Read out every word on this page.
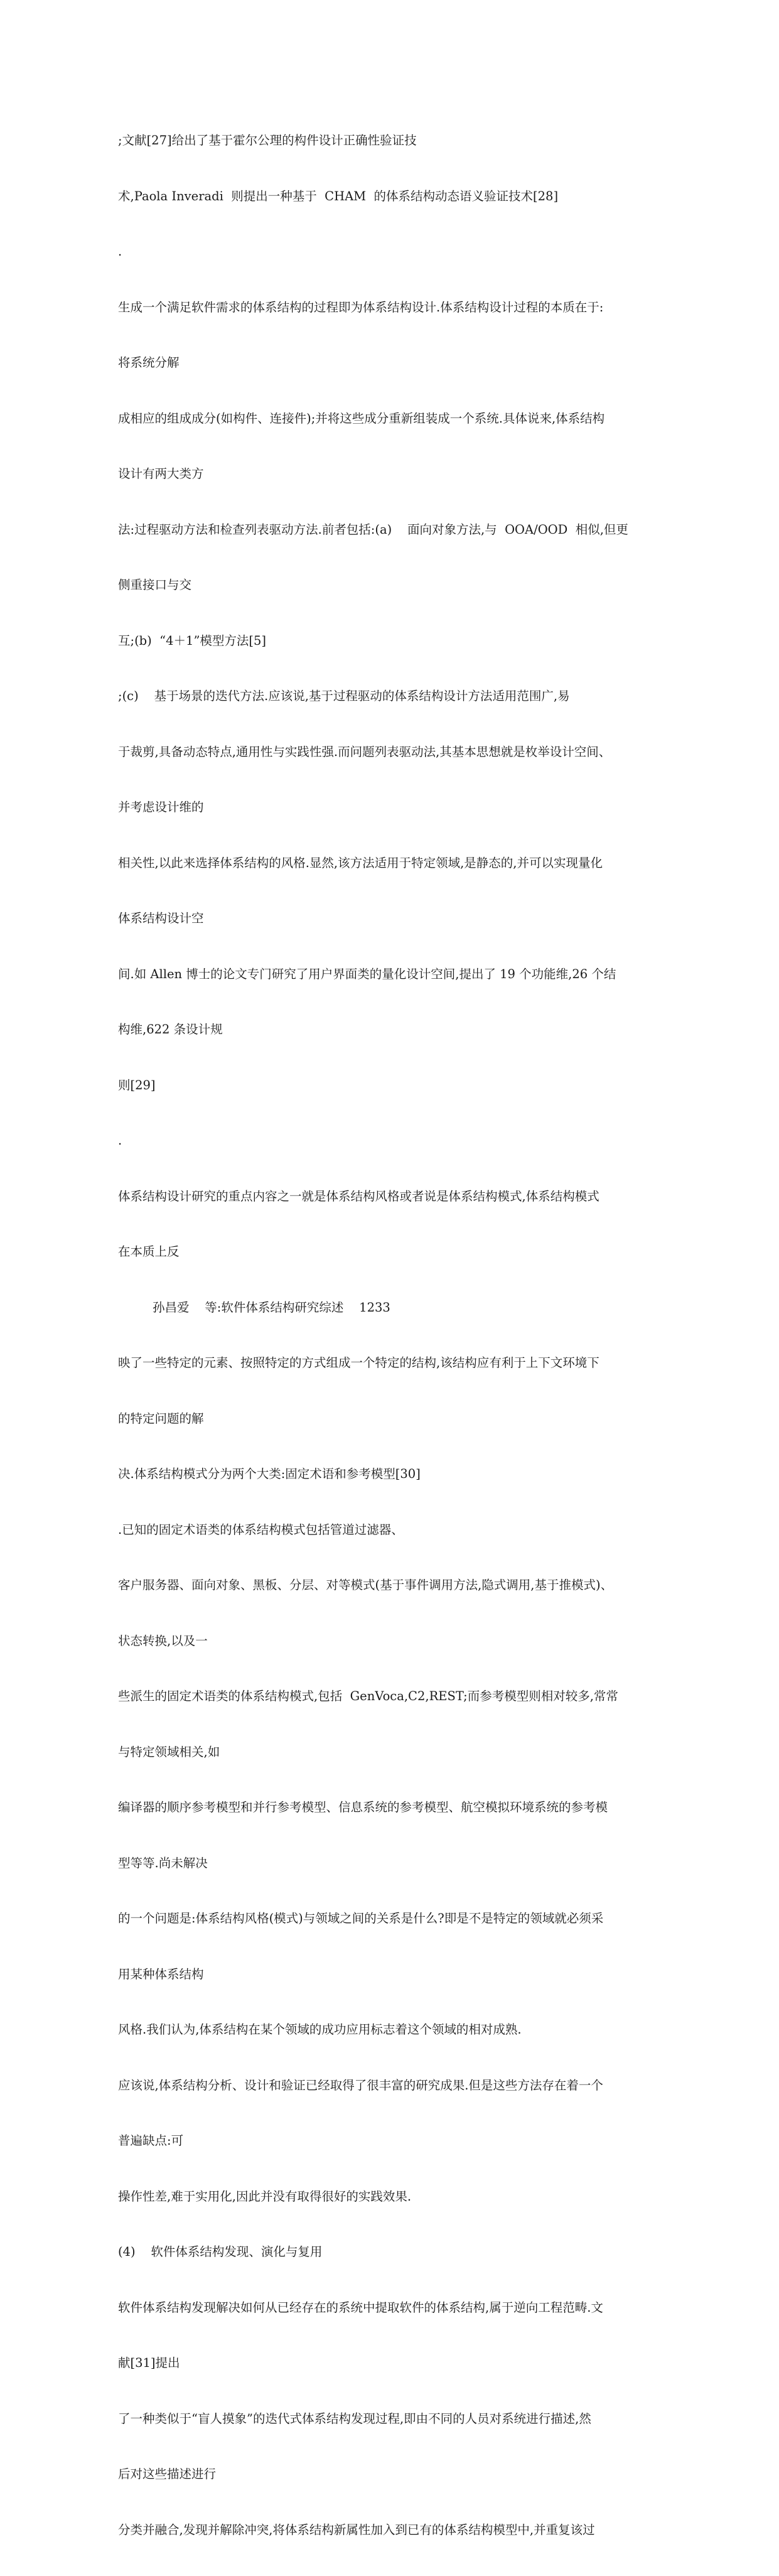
;文献[27]给出了基于霍尔公理的构件设计正确性验证技

术,Paola Inveradi  则提出一种基于  CHAM  的体系结构动态语义验证技术[28]

.

生成一个满足软件需求的体系结构的过程即为体系结构设计.体系结构设计过程的本质在于:

将系统分解

成相应的组成成分(如构件、连接件);并将这些成分重新组装成一个系统.具体说来,体系结构

设计有两大类方

法:过程驱动方法和检查列表驱动方法.前者包括:(a)    面向对象方法,与  OOA/OOD  相似,但更

侧重接口与交

互;(b)  “4＋1”模型方法[5]

;(c)    基于场景的迭代方法.应该说,基于过程驱动的体系结构设计方法适用范围广,易

于裁剪,具备动态特点,通用性与实践性强.而问题列表驱动法,其基本思想就是枚举设计空间、

并考虑设计维的

相关性,以此来选择体系结构的风格.显然,该方法适用于特定领域,是静态的,并可以实现量化

体系结构设计空

间.如 Allen 博士的论文专门研究了用户界面类的量化设计空间,提出了 19 个功能维,26 个结

构维,622 条设计规

则[29]

.

体系结构设计研究的重点内容之一就是体系结构风格或者说是体系结构模式,体系结构模式

在本质上反

孙昌爱    等:软件体系结构研究综述    1233

映了一些特定的元素、按照特定的方式组成一个特定的结构,该结构应有利于上下文环境下

的特定问题的解

决.体系结构模式分为两个大类:固定术语和参考模型[30]

.已知的固定术语类的体系结构模式包括管道过滤器、

客户服务器、面向对象、黑板、分层、对等模式(基于事件调用方法,隐式调用,基于推模式)、

状态转换,以及一

些派生的固定术语类的体系结构模式,包括  GenVoca,C2,REST;而参考模型则相对较多,常常

与特定领域相关,如

编译器的顺序参考模型和并行参考模型、信息系统的参考模型、航空模拟环境系统的参考模

型等等.尚未解决

的一个问题是:体系结构风格(模式)与领域之间的关系是什么?即是不是特定的领域就必须采

用某种体系结构

风格.我们认为,体系结构在某个领域的成功应用标志着这个领域的相对成熟.

应该说,体系结构分析、设计和验证已经取得了很丰富的研究成果.但是这些方法存在着一个

普遍缺点:可

操作性差,难于实用化,因此并没有取得很好的实践效果.

(4)    软件体系结构发现、演化与复用

软件体系结构发现解决如何从已经存在的系统中提取软件的体系结构,属于逆向工程范畴.文

献[31]提出

了一种类似于“盲人摸象”的迭代式体系结构发现过程,即由不同的人员对系统进行描述,然

后对这些描述进行

分类并融合,发现并解除冲突,将体系结构新属性加入到已有的体系结构模型中,并重复该过
